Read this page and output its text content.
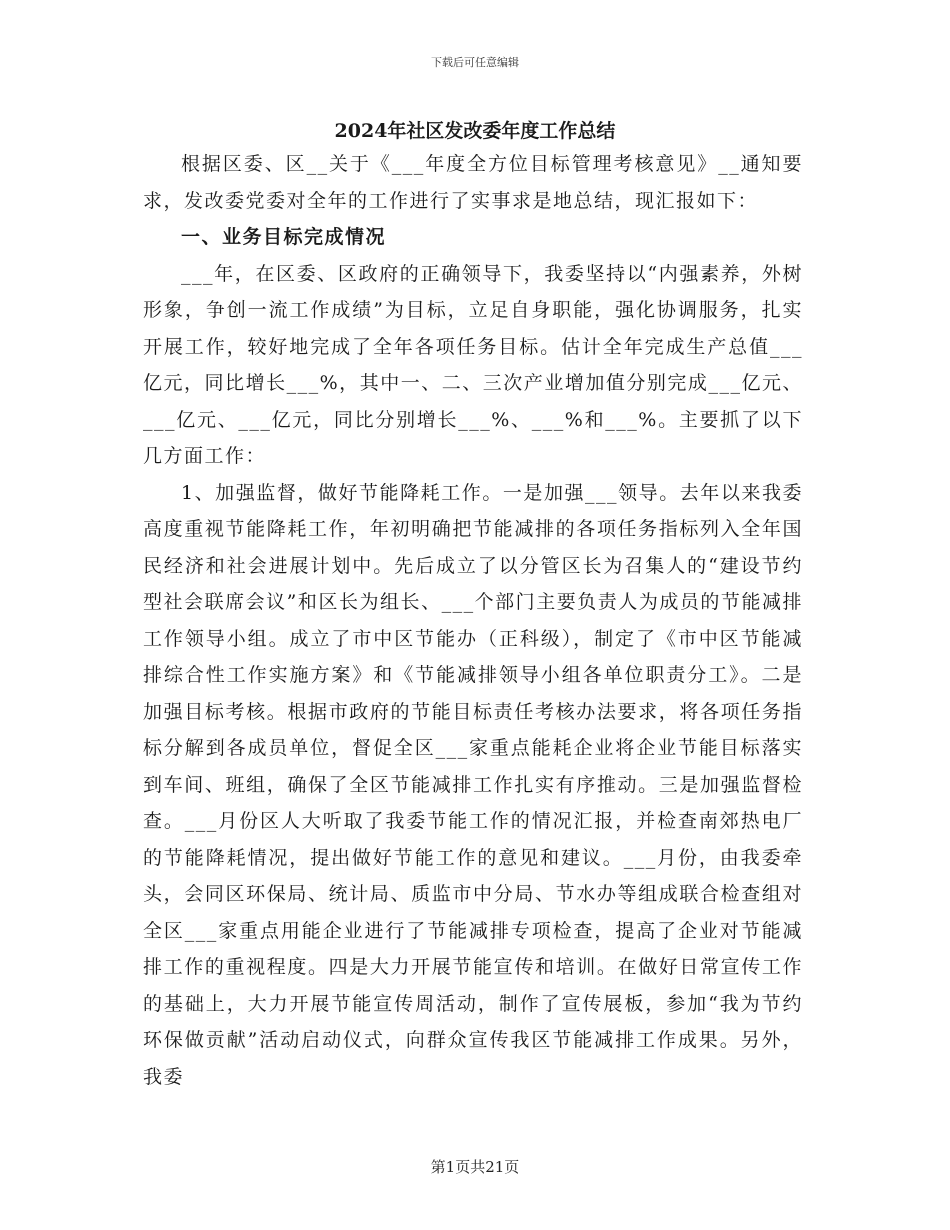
下载后可任意编辑
2024年社区发改委年度工作总结

根据区委、区__关于《___年度全方位目标管理考核意见》__通知要求，发改委党委对全年的工作进行了实事求是地总结，现汇报如下：

一、业务目标完成情况

___年，在区委、区政府的正确领导下，我委坚持以“内强素养，外树形象，争创一流工作成绩”为目标，立足自身职能，强化协调服务，扎实开展工作，较好地完成了全年各项任务目标。估计全年完成生产总值___亿元，同比增长___%，其中一、二、三次产业增加值分别完成___亿元、___亿元、___亿元，同比分别增长___%、___%和___%。主要抓了以下几方面工作：

1、加强监督，做好节能降耗工作。一是加强___领导。去年以来我委高度重视节能降耗工作，年初明确把节能减排的各项任务指标列入全年国民经济和社会进展计划中。先后成立了以分管区长为召集人的“建设节约型社会联席会议”和区长为组长、___个部门主要负责人为成员的节能减排工作领导小组。成立了市中区节能办（正科级），制定了《市中区节能减排综合性工作实施方案》和《节能减排领导小组各单位职责分工》。二是加强目标考核。根据市政府的节能目标责任考核办法要求，将各项任务指标分解到各成员单位，督促全区___家重点能耗企业将企业节能目标落实到车间、班组，确保了全区节能减排工作扎实有序推动。三是加强监督检查。___月份区人大听取了我委节能工作的情况汇报，并检查南郊热电厂的节能降耗情况，提出做好节能工作的意见和建议。___月份，由我委牵头，会同区环保局、统计局、质监市中分局、节水办等组成联合检查组对全区___家重点用能企业进行了节能减排专项检查，提高了企业对节能减排工作的重视程度。四是大力开展节能宣传和培训。在做好日常宣传工作的基础上，大力开展节能宣传周活动，制作了宣传展板，参加“我为节约环保做贡献”活动启动仪式，向群众宣传我区节能减排工作成果。另外，我委

第1页共21页
